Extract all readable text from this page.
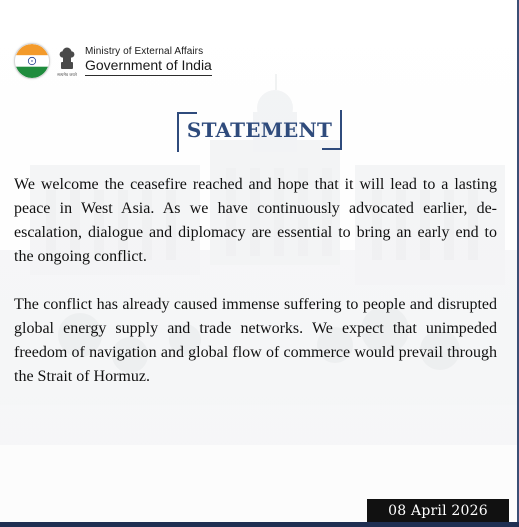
सत्यमेव जयते
Ministry of External Affairs
Government of India
STATEMENT

We welcome the ceasefire reached and hope that it will lead to a lasting peace in West Asia. As we have continuously advocated earlier, de-escalation, dialogue and diplomacy are essential to bring an early end to the ongoing conflict.

The conflict has already caused immense suffering to people and disrupted global energy supply and trade networks. We expect that unimpeded freedom of navigation and global flow of commerce would prevail through the Strait of Hormuz.

08 April 2026
